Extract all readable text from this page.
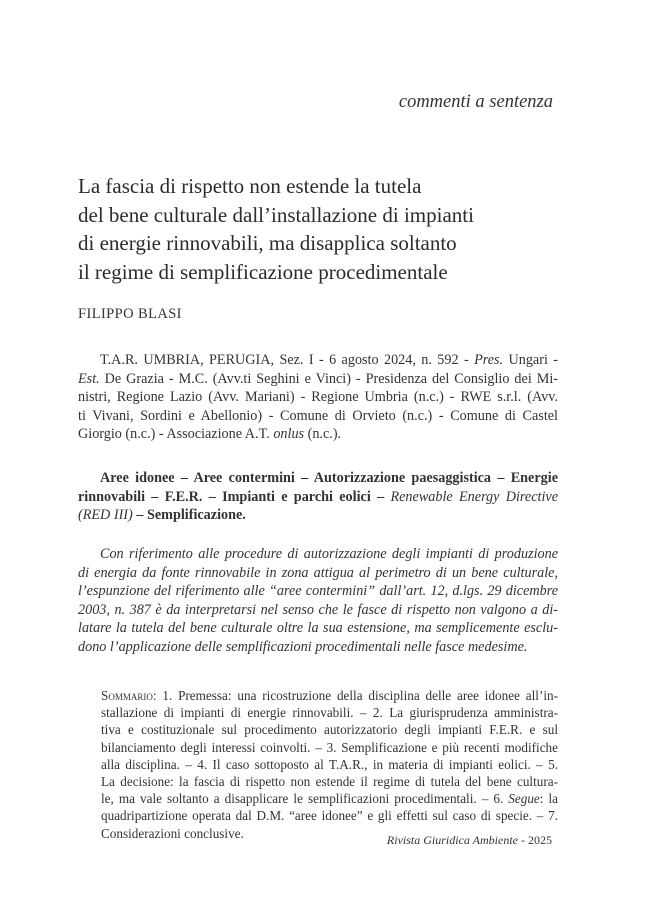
commenti a sentenza
La fascia di rispetto non estende la tutela
del bene culturale dall’installazione di impianti
di energie rinnovabili, ma disapplica soltanto
il regime di semplificazione procedimentale
FILIPPO BLASI
T.A.R. UMBRIA, PERUGIA, Sez. I - 6 agosto 2024, n. 592 - Pres. Ungari -
Est. De Grazia - M.C. (Avv.ti Seghini e Vinci) - Presidenza del Consiglio dei Mi-
nistri, Regione Lazio (Avv. Mariani) - Regione Umbria (n.c.) - RWE s.r.l. (Avv.
ti Vivani, Sordini e Abellonio) - Comune di Orvieto (n.c.) - Comune di Castel
Giorgio (n.c.) - Associazione A.T. onlus (n.c.).
Aree idonee – Aree contermini – Autorizzazione paesaggistica – Energie
rinnovabili – F.E.R. – Impianti e parchi eolici – Renewable Energy Directive
(RED III) – Semplificazione.
Con riferimento alle procedure di autorizzazione degli impianti di produzione
di energia da fonte rinnovabile in zona attigua al perimetro di un bene culturale,
l’espunzione del riferimento alle “aree contermini” dall’art. 12, d.lgs. 29 dicembre
2003, n. 387 è da interpretarsi nel senso che le fasce di rispetto non valgono a di-
latare la tutela del bene culturale oltre la sua estensione, ma semplicemente esclu-
dono l’applicazione delle semplificazioni procedimentali nelle fasce medesime.
Sommario: 1. Premessa: una ricostruzione della disciplina delle aree idonee all’in-
stallazione di impianti di energie rinnovabili. – 2. La giurisprudenza amministra-
tiva e costituzionale sul procedimento autorizzatorio degli impianti F.E.R. e sul
bilanciamento degli interessi coinvolti. – 3. Semplificazione e più recenti modifiche
alla disciplina. – 4. Il caso sottoposto al T.A.R., in materia di impianti eolici. – 5.
La decisione: la fascia di rispetto non estende il regime di tutela del bene cultura-
le, ma vale soltanto a disapplicare le semplificazioni procedimentali. – 6. Segue: la
quadripartizione operata dal D.M. “aree idonee” e gli effetti sul caso di specie. – 7.
Considerazioni conclusive.	Rivista Giuridica Ambiente - 2025
